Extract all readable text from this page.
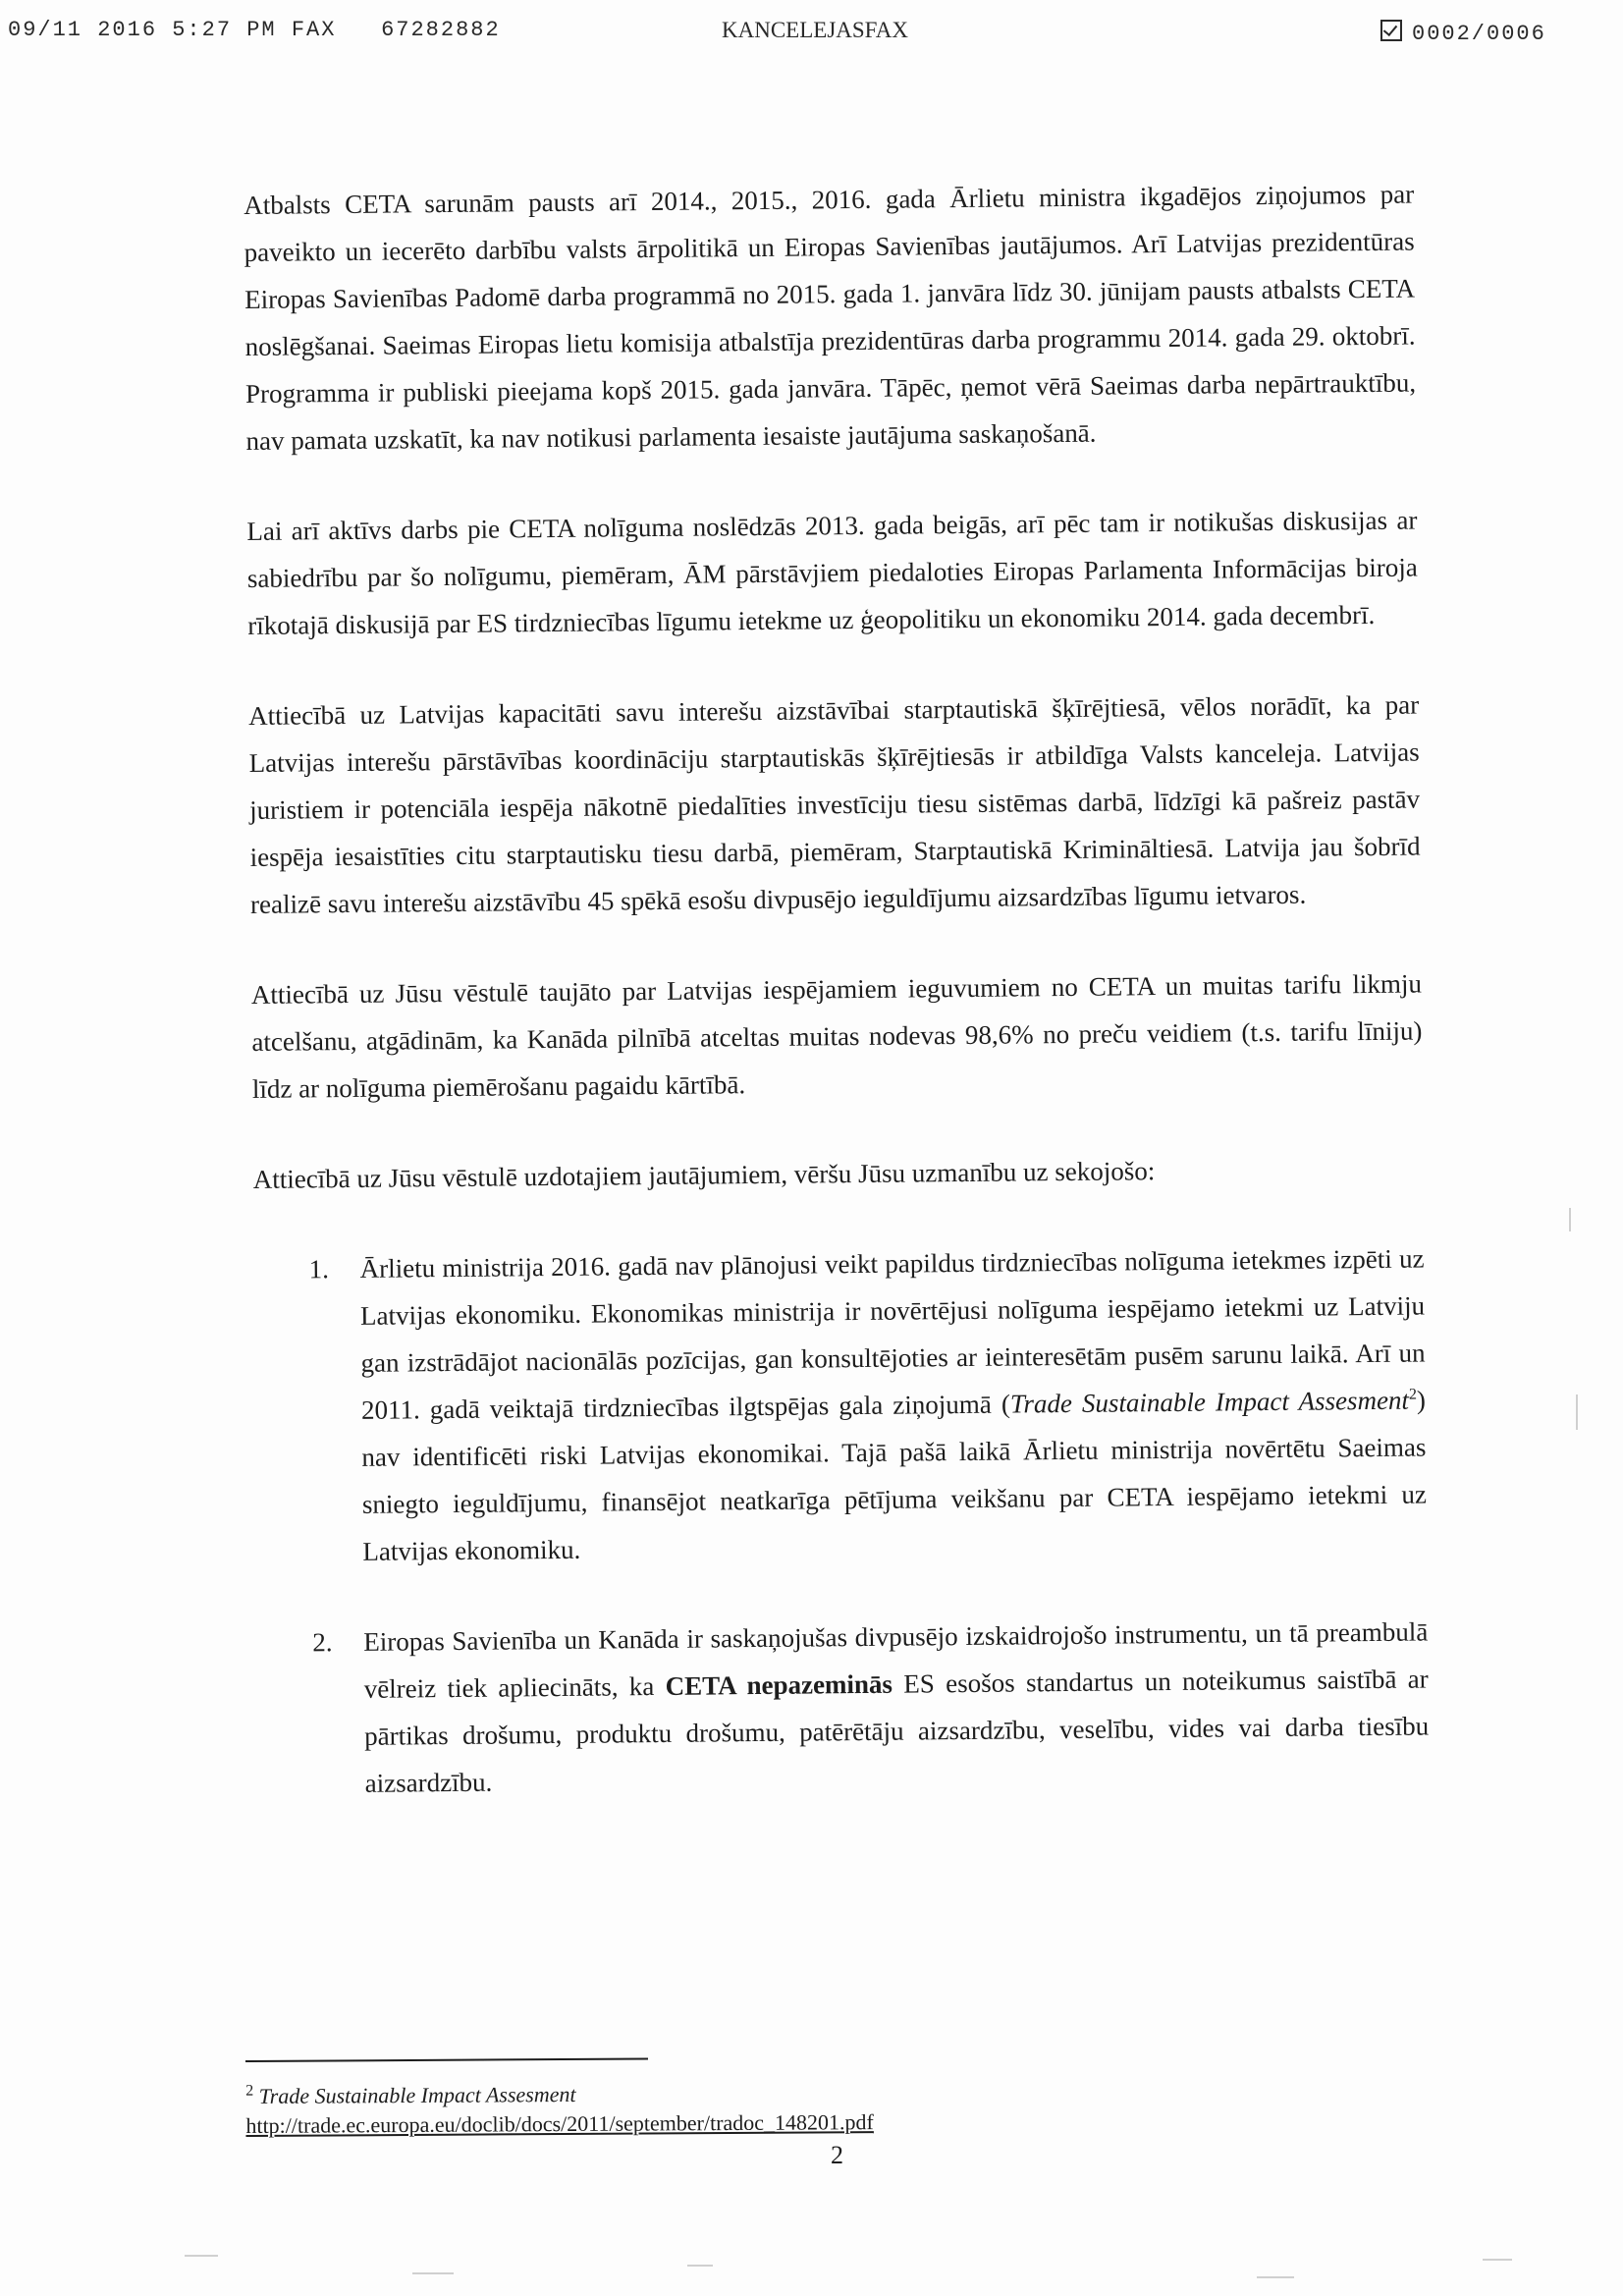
09/11 2016 5:27 PM FAX 67282882	KANCELEJASFAX	0002/0006

Atbalsts CETA sarunām pausts arī 2014., 2015., 2016. gada Ārlietu ministra ikgadējos ziņojumos par paveikto un iecerēto darbību valsts ārpolitikā un Eiropas Savienības jautājumos. Arī Latvijas prezidentūras Eiropas Savienības Padomē darba programmā no 2015. gada 1. janvāra līdz 30. jūnijam pausts atbalsts CETA noslēgšanai. Saeimas Eiropas lietu komisija atbalstīja prezidentūras darba programmu 2014. gada 29. oktobrī. Programma ir publiski pieejama kopš 2015. gada janvāra. Tāpēc, ņemot vērā Saeimas darba nepārtrauktību, nav pamata uzskatīt, ka nav notikusi parlamenta iesaiste jautājuma saskaņošanā.

Lai arī aktīvs darbs pie CETA nolīguma noslēdzās 2013. gada beigās, arī pēc tam ir notikušas diskusijas ar sabiedrību par šo nolīgumu, piemēram, ĀM pārstāvjiem piedaloties Eiropas Parlamenta Informācijas biroja rīkotajā diskusijā par ES tirdzniecības līgumu ietekme uz ģeopolitiku un ekonomiku 2014. gada decembrī.

Attiecībā uz Latvijas kapacitāti savu interešu aizstāvībai starptautiskā šķīrējtiesā, vēlos norādīt, ka par Latvijas interešu pārstāvības koordināciju starptautiskās šķīrējtiesās ir atbildīga Valsts kanceleja. Latvijas juristiem ir potenciāla iespēja nākotnē piedalīties investīciju tiesu sistēmas darbā, līdzīgi kā pašreiz pastāv iespēja iesaistīties citu starptautisku tiesu darbā, piemēram, Starptautiskā Krimināltiesā. Latvija jau šobrīd realizē savu interešu aizstāvību 45 spēkā esošu divpusējo ieguldījumu aizsardzības līgumu ietvaros.

Attiecībā uz Jūsu vēstulē taujāto par Latvijas iespējamiem ieguvumiem no CETA un muitas tarifu likmju atcelšanu, atgādinām, ka Kanāda pilnībā atceltas muitas nodevas 98,6% no preču veidiem (t.s. tarifu līniju) līdz ar nolīguma piemērošanu pagaidu kārtībā.

Attiecībā uz Jūsu vēstulē uzdotajiem jautājumiem, vēršu Jūsu uzmanību uz sekojošo:

1. Ārlietu ministrija 2016. gadā nav plānojusi veikt papildus tirdzniecības nolīguma ietekmes izpēti uz Latvijas ekonomiku. Ekonomikas ministrija ir novērtējusi nolīguma iespējamo ietekmi uz Latviju gan izstrādājot nacionālās pozīcijas, gan konsultējoties ar ieinteresētām pusēm sarunu laikā. Arī un 2011. gadā veiktajā tirdzniecības ilgtspējas gala ziņojumā (Trade Sustainable Impact Assesment$^2$) nav identificēti riski Latvijas ekonomikai. Tajā pašā laikā Ārlietu ministrija novērtētu Saeimas sniegto ieguldījumu, finansējot neatkarīga pētījuma veikšanu par CETA iespējamo ietekmi uz Latvijas ekonomiku.
2. Eiropas Savienība un Kanāda ir saskaņojušas divpusējo izskaidrojošo instrumentu, un tā preambulā vēlreiz tiek apliecināts, ka CETA nepazeminās ES esošos standartus un noteikumus saistībā ar pārtikas drošumu, produktu drošumu, patērētāju aizsardzību, veselību, vides vai darba tiesību aizsardzību.
$^2$ Trade Sustainable Impact Assesment
http://trade.ec.europa.eu/doclib/docs/2011/september/tradoc_148201.pdf
2
